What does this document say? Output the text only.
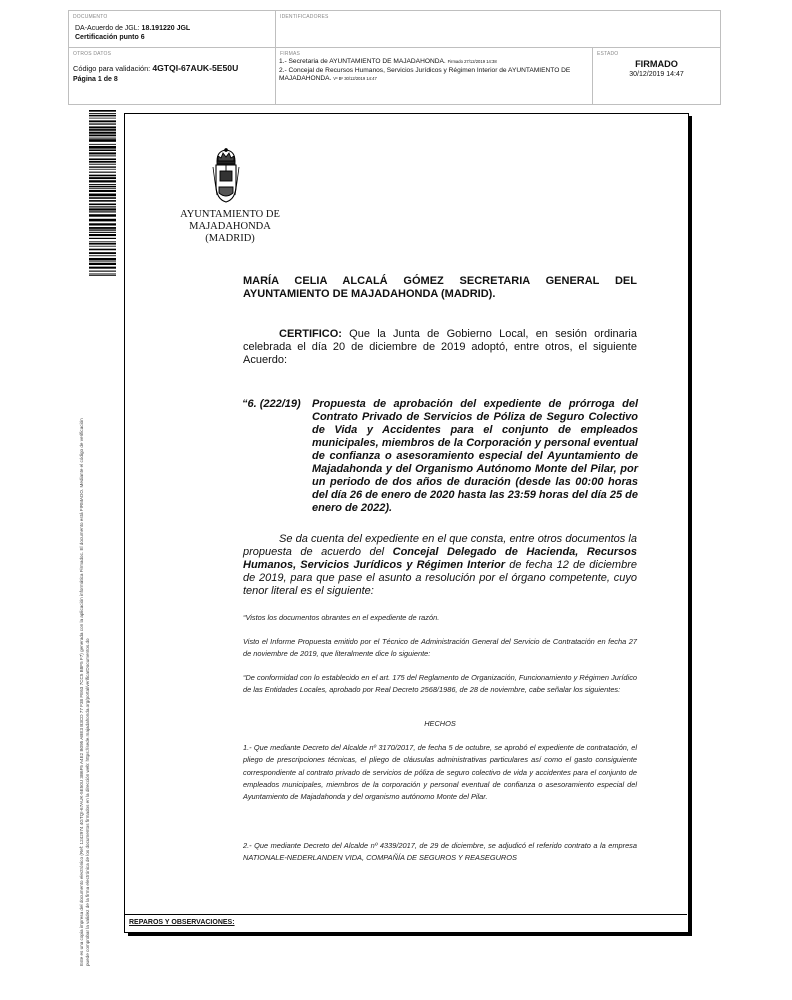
DOCUMENTO
DA-Acuerdo de JGL: 18.191220 JGL
Certificación punto 6
IDENTIFICADORES
OTROS DATOS
Código para validación: 4GTQI-67AUK-5E50U
Página 1 de 8
FIRMAS
1.- Secretaria de AYUNTAMIENTO DE MAJADAHONDA. Firmado 27/12/2019 14:38
2.- Concejal de Recursos Humanos, Servicios Jurídicos y Régimen Interior de AYUNTAMIENTO DE MAJADAHONDA. Vº Bº 30/12/2019 14:47
ESTADO
FIRMADO
30/12/2019 14:47
Este es una copia impresa del documento electrónico (Ref: 1242974 4GTQI-67AUK-5E50U 3B6F5 A4E2 B095 ABE3 B3CD 77 F38 FE63 7CC5 B8F5 F7) generada con la aplicación informática Firmadoc. El documento está FIRMADO. Mediante el código de verificación puede comprobar la validez de la firma electrónica de los documentos firmados en la dirección web: https://sede.majadahonda.org/portal/verificarDocumentos.do
AYUNTAMIENTO DE
MAJADAHONDA
(MADRID)
MARÍA CELIA ALCALÁ GÓMEZ SECRETARIA GENERAL DEL AYUNTAMIENTO DE MAJADAHONDA (MADRID).
CERTIFICO: Que la Junta de Gobierno Local, en sesión ordinaria celebrada el día 20 de diciembre de 2019 adoptó, entre otros, el siguiente Acuerdo:
“6. (222/19) Propuesta de aprobación del expediente de prórroga del Contrato Privado de Servicios de Póliza de Seguro Colectivo de Vida y Accidentes para el conjunto de empleados municipales, miembros de la Corporación y personal eventual de confianza o asesoramiento especial del Ayuntamiento de Majadahonda y del Organismo Autónomo Monte del Pilar, por un periodo de dos años de duración (desde las 00:00 horas del día 26 de enero de 2020 hasta las 23:59 horas del día 25 de enero de 2022).
Se da cuenta del expediente en el que consta, entre otros documentos la propuesta de acuerdo del Concejal Delegado de Hacienda, Recursos Humanos, Servicios Jurídicos y Régimen Interior de fecha 12 de diciembre de 2019, para que pase el asunto a resolución por el órgano competente, cuyo tenor literal es el siguiente:
“Vistos los documentos obrantes en el expediente de razón.
Visto el Informe Propuesta emitido por el Técnico de Administración General del Servicio de Contratación en fecha 27 de noviembre de 2019, que literalmente dice lo siguiente:
“De conformidad con lo establecido en el art. 175 del Reglamento de Organización, Funcionamiento y Régimen Jurídico de las Entidades Locales, aprobado por Real Decreto 2568/1986, de 28 de noviembre, cabe señalar los siguientes:
HECHOS
1.- Que mediante Decreto del Alcalde nº 3170/2017, de fecha 5 de octubre, se aprobó el expediente de contratación, el pliego de prescripciones técnicas, el pliego de cláusulas administrativas particulares así como el gasto consiguiente correspondiente al contrato privado de servicios de póliza de seguro colectivo de vida y accidentes para el conjunto de empleados municipales, miembros de la corporación y personal eventual de confianza o asesoramiento especial del Ayuntamiento de Majadahonda y del organismo autónomo Monte del Pilar.
2.- Que mediante Decreto del Alcalde nº 4339/2017, de 29 de diciembre, se adjudicó el referido contrato a la empresa NATIONALE-NEDERLANDEN VIDA, COMPAÑÍA DE SEGUROS Y REASEGUROS
REPAROS Y OBSERVACIONES:
